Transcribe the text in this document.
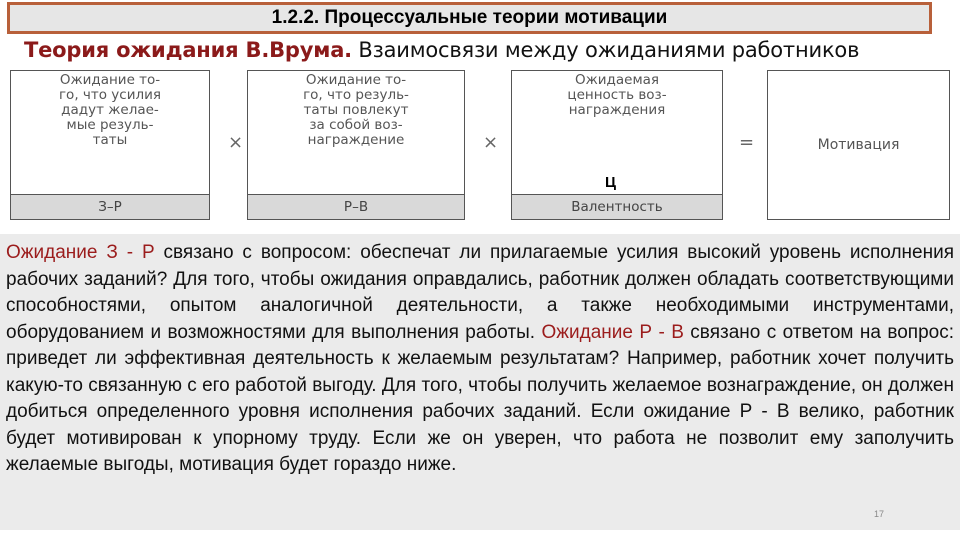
1.2.2. Процессуальные теории мотивации
Теория ожидания В.Врума. Взаимосвязи между ожиданиями работников
Ожидание то-
го, что усилия
дадут желае-
мые резуль-
таты
З–Р
×
Ожидание то-
го, что резуль-
таты повлекут
за собой воз-
награждение
Р–В
×
Ожидаемая
ценность воз-
награждения
Валентность
=	Мотивация
Ц
Ожидание З - Р связано с вопросом: обеспечат ли прилагаемые усилия высокий уровень исполнения рабочих заданий? Для того, чтобы ожидания оправдались, работник должен обладать соответствующими способностями, опытом аналогичной деятельности, а также необходимыми инструментами, оборудованием и возможностями для выполнения работы. Ожидание Р - В связано с ответом на вопрос: приведет ли эффективная деятельность к желаемым результатам? Например, работник хочет получить какую-то связанную с его работой выгоду. Для того, чтобы получить желаемое вознаграждение, он должен добиться определенного уровня исполнения рабочих заданий. Если ожидание Р - В велико, работник будет мотивирован к упорному труду. Если же он уверен, что работа не позволит ему заполучить желаемые выгоды, мотивация будет гораздо ниже.
17
